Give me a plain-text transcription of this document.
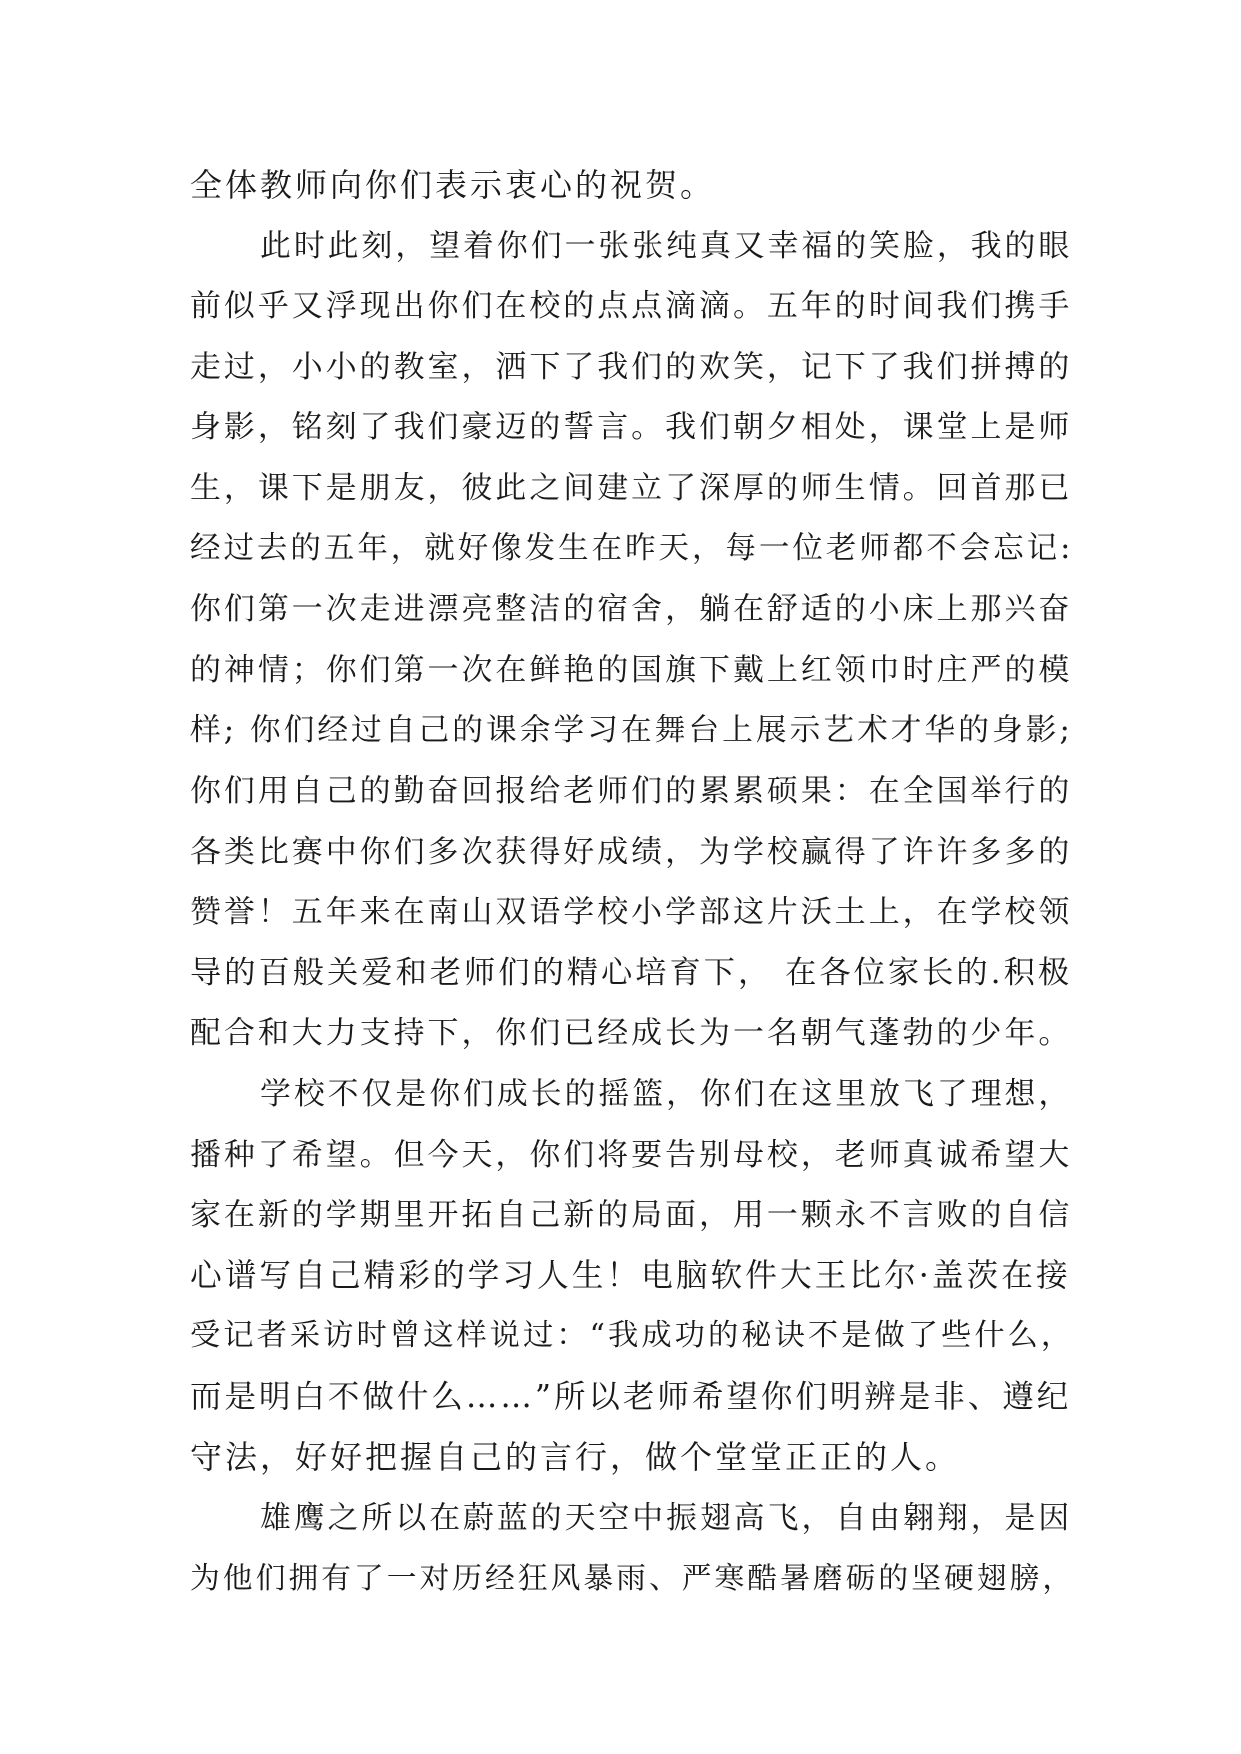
全体教师向你们表示衷心的祝贺。
此时此刻，望着你们一张张纯真又幸福的笑脸，我的眼
前似乎又浮现出你们在校的点点滴滴。五年的时间我们携手
走过，小小的教室，洒下了我们的欢笑，记下了我们拼搏的
身影，铭刻了我们豪迈的誓言。我们朝夕相处，课堂上是师
生，课下是朋友，彼此之间建立了深厚的师生情。回首那已
经过去的五年，就好像发生在昨天，每一位老师都不会忘记:
你们第一次走进漂亮整洁的宿舍，躺在舒适的小床上那兴奋
的神情；你们第一次在鲜艳的国旗下戴上红领巾时庄严的模
样; 你们经过自己的课余学习在舞台上展示艺术才华的身影;
你们用自己的勤奋回报给老师们的累累硕果：在全国举行的
各类比赛中你们多次获得好成绩，为学校赢得了许许多多的
赞誉！五年来在南山双语学校小学部这片沃土上，在学校领
导的百般关爱和老师们的精心培育下， 在各位家长的.积极
配合和大力支持下，你们已经成长为一名朝气蓬勃的少年。
学校不仅是你们成长的摇篮，你们在这里放飞了理想，
播种了希望。但今天，你们将要告别母校，老师真诚希望大
家在新的学期里开拓自己新的局面，用一颗永不言败的自信
心谱写自己精彩的学习人生！电脑软件大王比尔·盖茨在接
受记者采访时曾这样说过：“我成功的秘诀不是做了些什么，
而是明白不做什么……”所以老师希望你们明辨是非、遵纪
守法，好好把握自己的言行，做个堂堂正正的人。
雄鹰之所以在蔚蓝的天空中振翅高飞，自由翱翔，是因
为他们拥有了一对历经狂风暴雨、严寒酷暑磨砺的坚硬翅膀，
